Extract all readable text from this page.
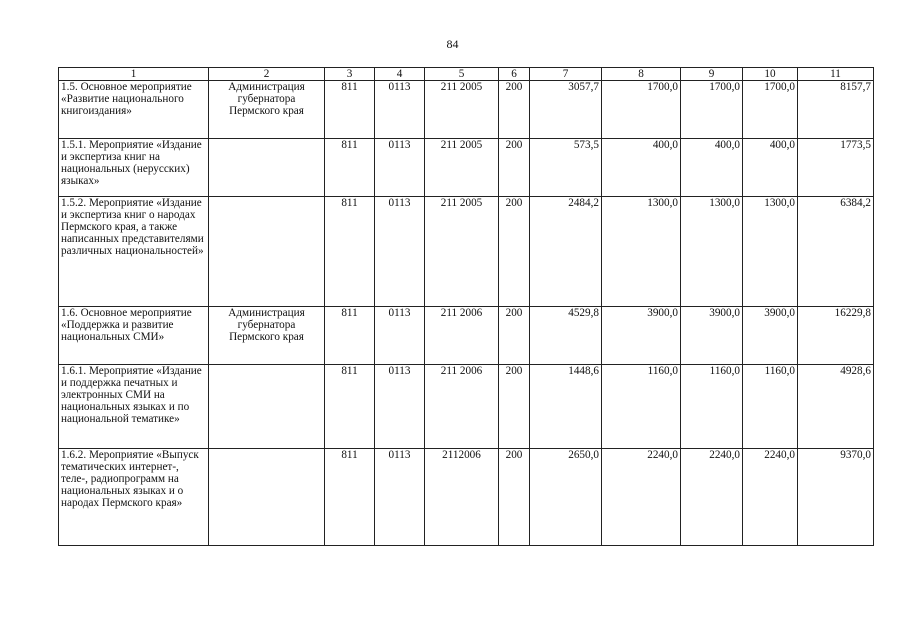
84
1	2	3	4	5	6	7	8	9	10	11
1.5. Основное мероприятие «Развитие национального книгоиздания»	Администрация губернатора Пермского края	811	0113	211 2005	200	3057,7	1700,0	1700,0	1700,0	8157,7
1.5.1. Мероприятие «Издание и экспертиза книг на национальных (нерусских) языках»		811	0113	211 2005	200	573,5	400,0	400,0	400,0	1773,5
1.5.2. Мероприятие «Издание и экспертиза книг о народах Пермского края, а также написанных представителями различных национальностей»		811	0113	211 2005	200	2484,2	1300,0	1300,0	1300,0	6384,2
1.6. Основное мероприятие «Поддержка и развитие национальных СМИ»	Администрация губернатора Пермского края	811	0113	211 2006	200	4529,8	3900,0	3900,0	3900,0	16229,8
1.6.1. Мероприятие «Издание и поддержка печатных и электронных СМИ на национальных языках и по национальной тематике»		811	0113	211 2006	200	1448,6	1160,0	1160,0	1160,0	4928,6
1.6.2. Мероприятие «Выпуск тематических интернет-, теле-, радиопрограмм на национальных языках и о народах Пермского края»		811	0113	2112006	200	2650,0	2240,0	2240,0	2240,0	9370,0
